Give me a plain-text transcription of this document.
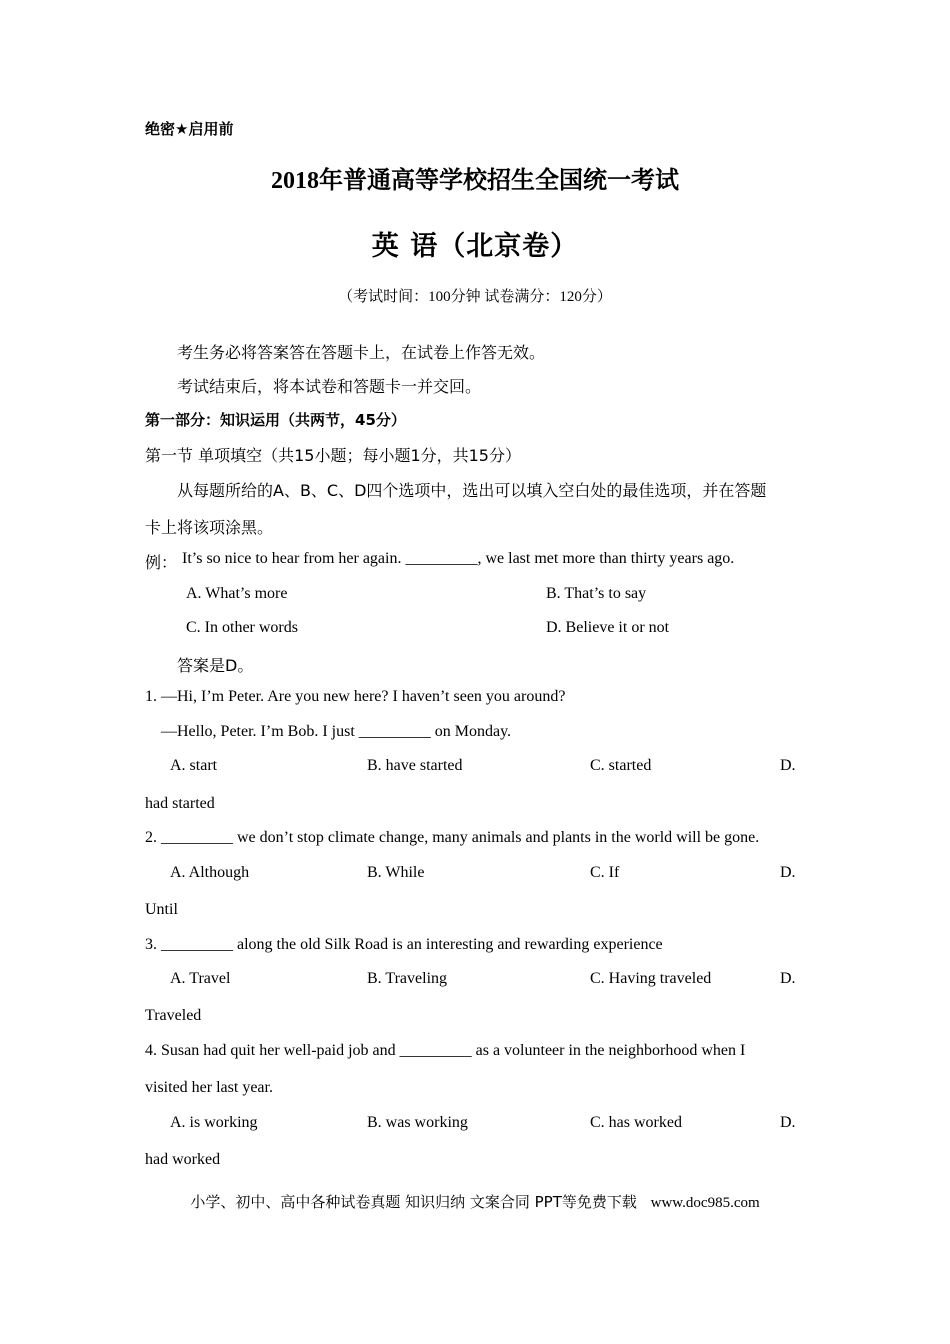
绝密★启用前
2018年普通高等学校招生全国统一考试
英 语（北京卷）
（考试时间：100分钟 试卷满分：120分）
考生务必将答案答在答题卡上，在试卷上作答无效。
考试结束后，将本试卷和答题卡一并交回。
第一部分：知识运用（共两节，45分）
第一节 单项填空（共15小题；每小题1分，共15分）
从每题所给的A、B、C、D四个选项中，选出可以填入空白处的最佳选项，并在答题
卡上将该项涂黑。
例： It’s so nice to hear from her again. _________, we last met more than thirty years ago.
A. What’s more	B. That’s to say
C. In other words	D. Believe it or not
答案是D。
1. —Hi, I’m Peter. Are you new here? I haven’t seen you around?
—Hello, Peter. I’m Bob. I just _________ on Monday.
A. start	B. have started	C. started	D.
had started
2. _________ we don’t stop climate change, many animals and plants in the world will be gone.
A. Although	B. While	C. If	D.
Until
3. _________ along the old Silk Road is an interesting and rewarding experience
A. Travel	B. Traveling	C. Having traveled	D.
Traveled
4. Susan had quit her well-paid job and _________ as a volunteer in the neighborhood when I
visited her last year.
A. is working	B. was working	C. has worked	D.
had worked
小学、初中、高中各种试卷真题 知识归纳 文案合同 PPT等免费下载 www.doc985.com
